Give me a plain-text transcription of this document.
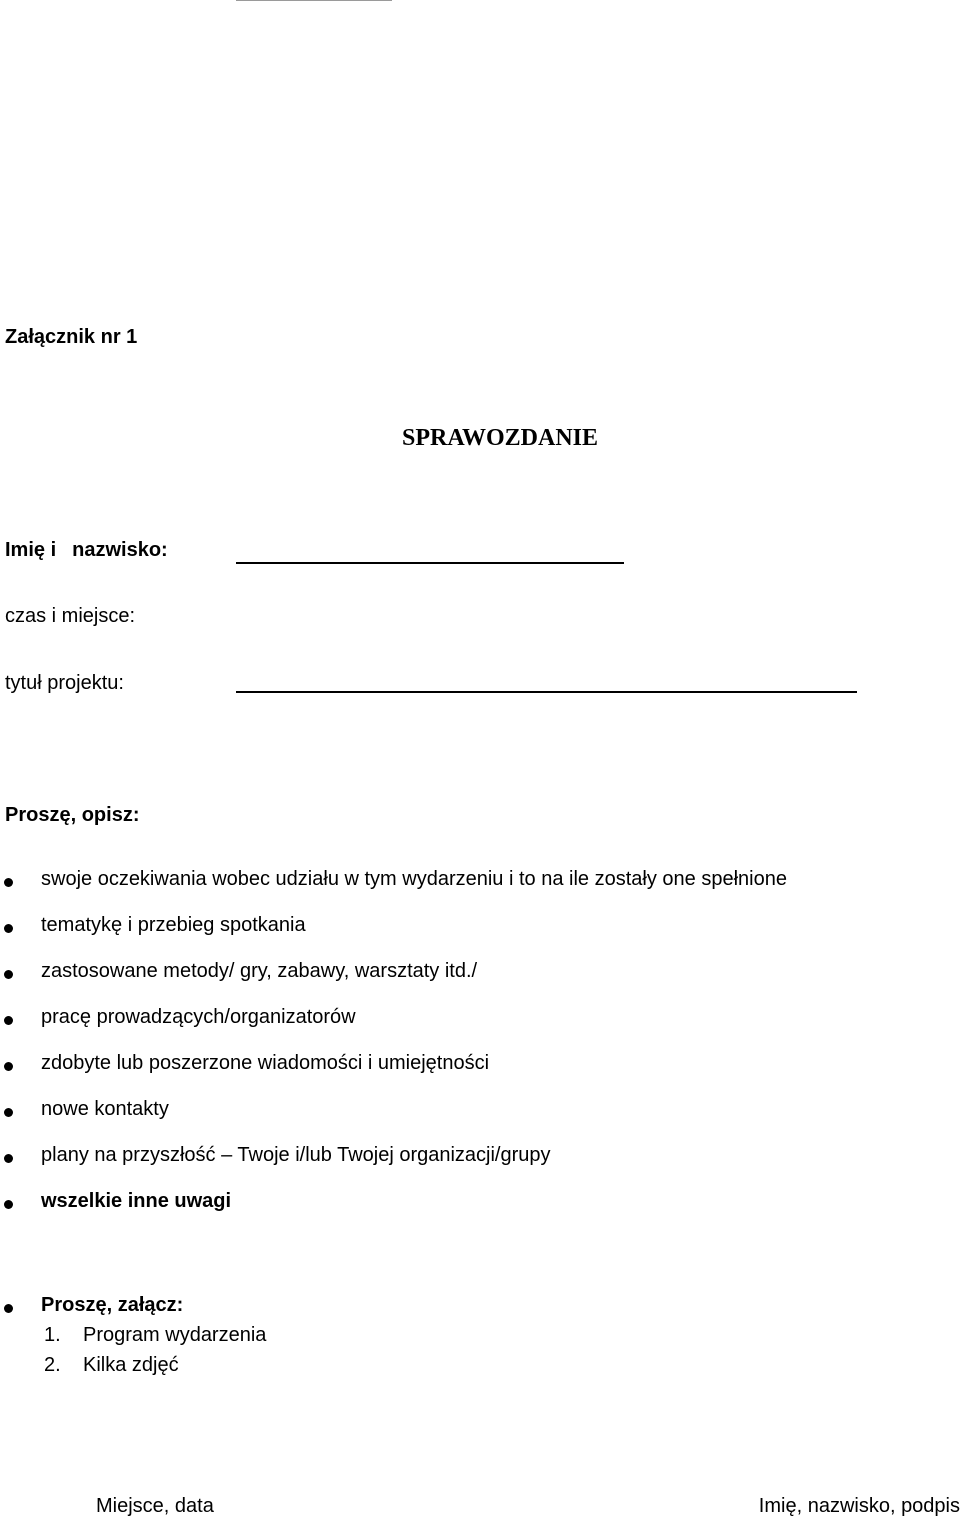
Załącznik nr 1
SPRAWOZDANIE
Imię i nazwisko:
czas i miejsce:
tytuł projektu:
Proszę, opisz:
swoje oczekiwania wobec udziału w tym wydarzeniu i to na ile zostały one spełnione
tematykę i przebieg spotkania
zastosowane metody/ gry, zabawy, warsztaty itd./
pracę prowadzących/organizatorów
zdobyte lub poszerzone wiadomości i umiejętności
nowe kontakty
plany na przyszłość – Twoje i/lub Twojej organizacji/grupy
wszelkie inne uwagi
Proszę, załącz:
1. Program wydarzenia
2. Kilka zdjęć
Miejsce, data	Imię, nazwisko, podpis
